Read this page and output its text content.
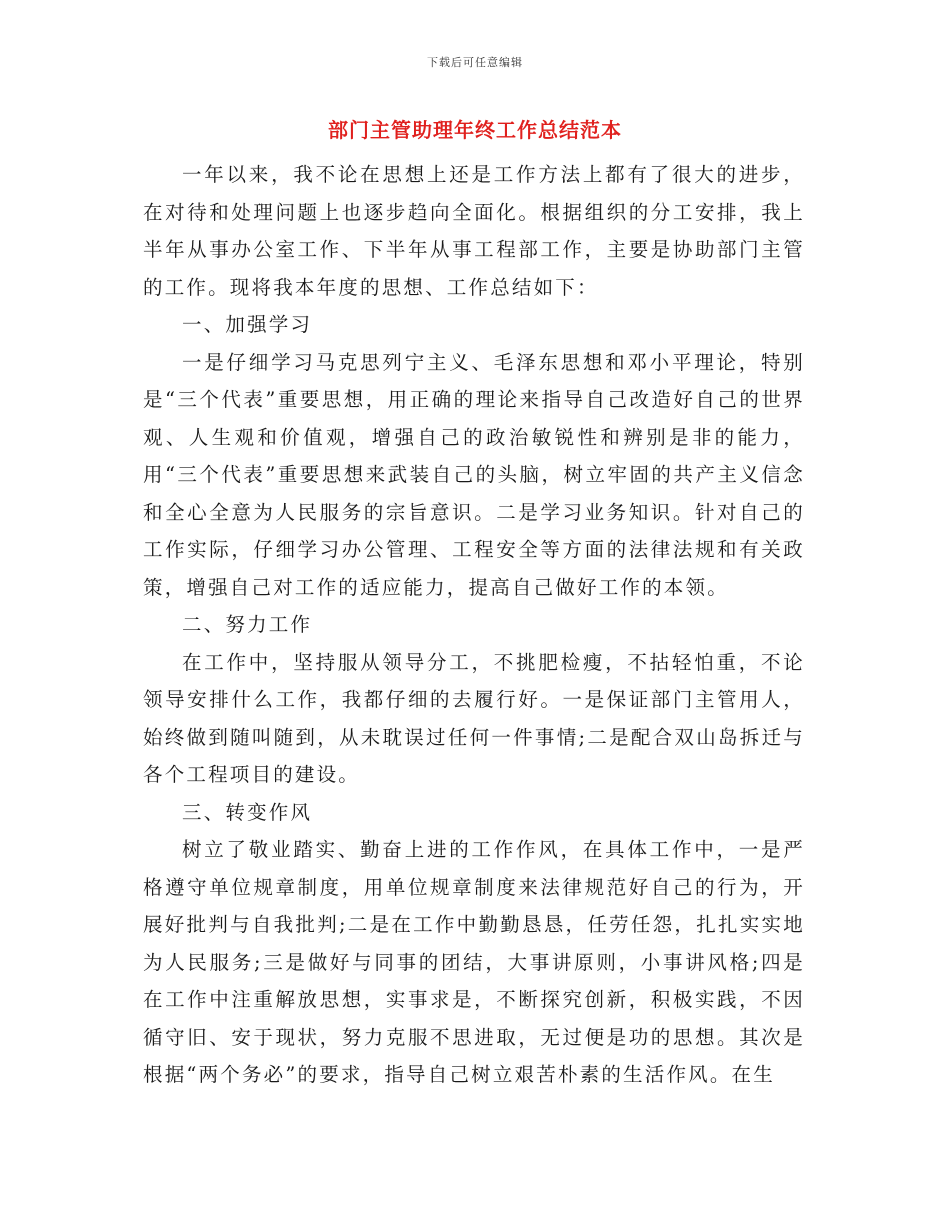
下载后可任意编辑
部门主管助理年终工作总结范本

一年以来，我不论在思想上还是工作方法上都有了很大的进步，在对待和处理问题上也逐步趋向全面化。根据组织的分工安排，我上半年从事办公室工作、下半年从事工程部工作，主要是协助部门主管的工作。现将我本年度的思想、工作总结如下：

一、加强学习

一是仔细学习马克思列宁主义、毛泽东思想和邓小平理论，特别是“三个代表”重要思想，用正确的理论来指导自己改造好自己的世界观、人生观和价值观，增强自己的政治敏锐性和辨别是非的能力，用“三个代表”重要思想来武装自己的头脑，树立牢固的共产主义信念和全心全意为人民服务的宗旨意识。二是学习业务知识。针对自己的工作实际，仔细学习办公管理、工程安全等方面的法律法规和有关政策，增强自己对工作的适应能力，提高自己做好工作的本领。

二、努力工作

在工作中，坚持服从领导分工，不挑肥检瘦，不拈轻怕重，不论领导安排什么工作，我都仔细的去履行好。一是保证部门主管用人，始终做到随叫随到，从未耽误过任何一件事情;二是配合双山岛拆迁与各个工程项目的建设。

三、转变作风

树立了敬业踏实、勤奋上进的工作作风，在具体工作中，一是严格遵守单位规章制度，用单位规章制度来法律规范好自己的行为，开展好批判与自我批判;二是在工作中勤勤恳恳，任劳任怨，扎扎实实地为人民服务;三是做好与同事的团结，大事讲原则，小事讲风格;四是在工作中注重解放思想，实事求是，不断探究创新，积极实践，不因循守旧、安于现状，努力克服不思进取，无过便是功的思想。其次是根据“两个务必”的要求，指导自己树立艰苦朴素的生活作风。在生
